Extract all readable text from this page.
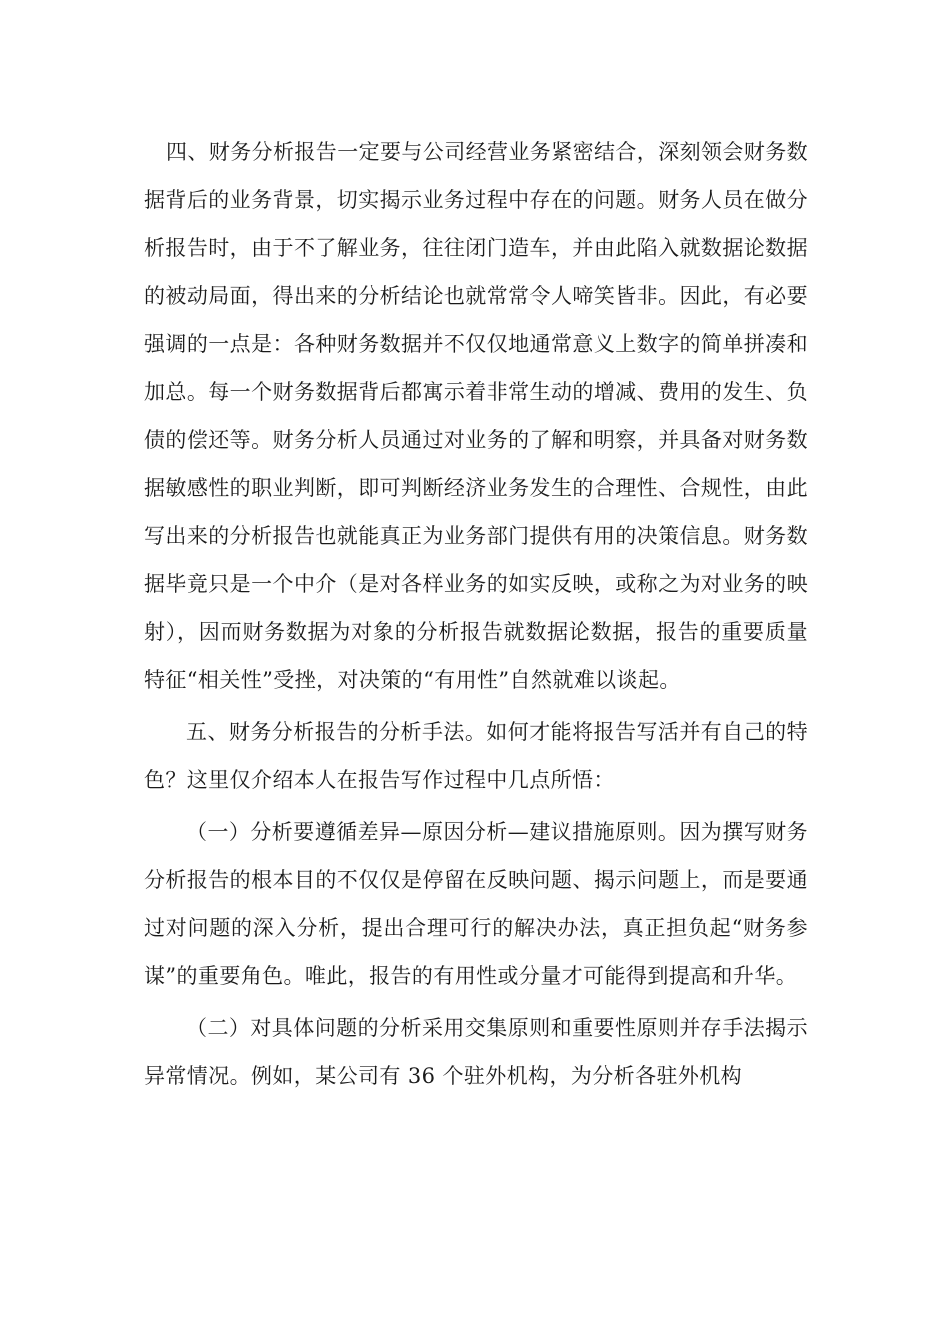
四、财务分析报告一定要与公司经营业务紧密结合，深刻领会财务数据背后的业务背景，切实揭示业务过程中存在的问题。财务人员在做分析报告时，由于不了解业务，往往闭门造车，并由此陷入就数据论数据的被动局面，得出来的分析结论也就常常令人啼笑皆非。因此，有必要强调的一点是：各种财务数据并不仅仅地通常意义上数字的简单拼凑和加总。每一个财务数据背后都寓示着非常生动的增减、费用的发生、负债的偿还等。财务分析人员通过对业务的了解和明察，并具备对财务数据敏感性的职业判断，即可判断经济业务发生的合理性、合规性，由此写出来的分析报告也就能真正为业务部门提供有用的决策信息。财务数据毕竟只是一个中介（是对各样业务的如实反映，或称之为对业务的映射），因而财务数据为对象的分析报告就数据论数据，报告的重要质量特征“相关性”受挫，对决策的“有用性”自然就难以谈起。

五、财务分析报告的分析手法。如何才能将报告写活并有自己的特色？这里仅介绍本人在报告写作过程中几点所悟：

（一）分析要遵循差异—原因分析—建议措施原则。因为撰写财务分析报告的根本目的不仅仅是停留在反映问题、揭示问题上，而是要通过对问题的深入分析，提出合理可行的解决办法，真正担负起“财务参谋”的重要角色。唯此，报告的有用性或分量才可能得到提高和升华。

（二）对具体问题的分析采用交集原则和重要性原则并存手法揭示异常情况。例如，某公司有 36 个驻外机构，为分析各驻外机构
